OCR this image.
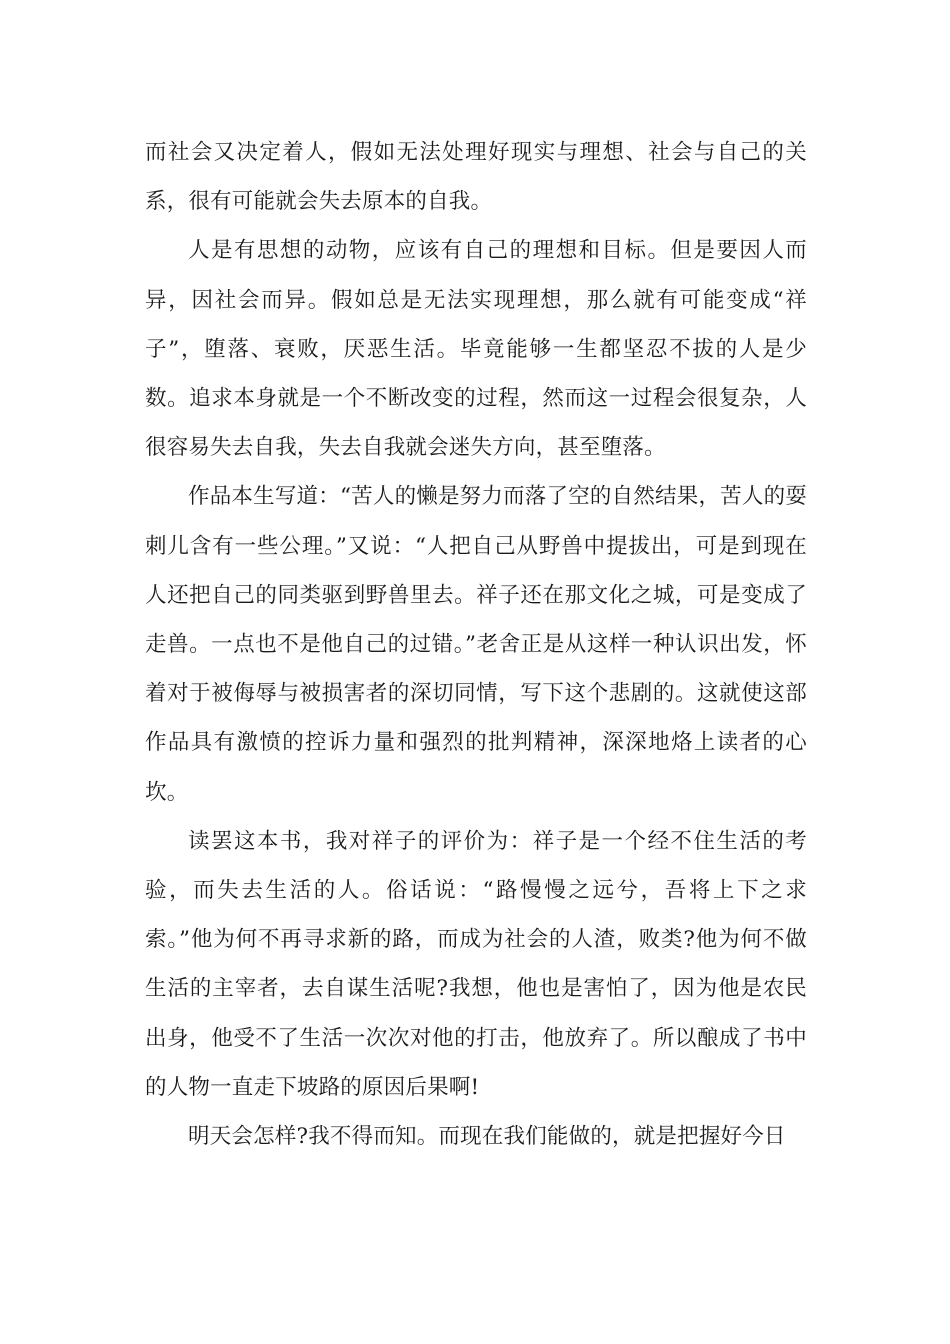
而社会又决定着人，假如无法处理好现实与理想、社会与自己的关系，很有可能就会失去原本的自我。

人是有思想的动物，应该有自己的理想和目标。但是要因人而异，因社会而异。假如总是无法实现理想，那么就有可能变成“祥子”，堕落、衰败，厌恶生活。毕竟能够一生都坚忍不拔的人是少数。追求本身就是一个不断改变的过程，然而这一过程会很复杂，人很容易失去自我，失去自我就会迷失方向，甚至堕落。

作品本生写道：“苦人的懒是努力而落了空的自然结果，苦人的耍刺儿含有一些公理。”又说：“人把自己从野兽中提拔出，可是到现在人还把自己的同类驱到野兽里去。祥子还在那文化之城，可是变成了走兽。一点也不是他自己的过错。”老舍正是从这样一种认识出发，怀着对于被侮辱与被损害者的深切同情，写下这个悲剧的。这就使这部作品具有激愤的控诉力量和强烈的批判精神，深深地烙上读者的心坎。

读罢这本书，我对祥子的评价为：祥子是一个经不住生活的考验，而失去生活的人。俗话说：“路慢慢之远兮，吾将上下之求索。”他为何不再寻求新的路，而成为社会的人渣，败类?他为何不做生活的主宰者，去自谋生活呢?我想，他也是害怕了，因为他是农民出身，他受不了生活一次次对他的打击，他放弃了。所以酿成了书中的人物一直走下坡路的原因后果啊!

明天会怎样?我不得而知。而现在我们能做的，就是把握好今日
